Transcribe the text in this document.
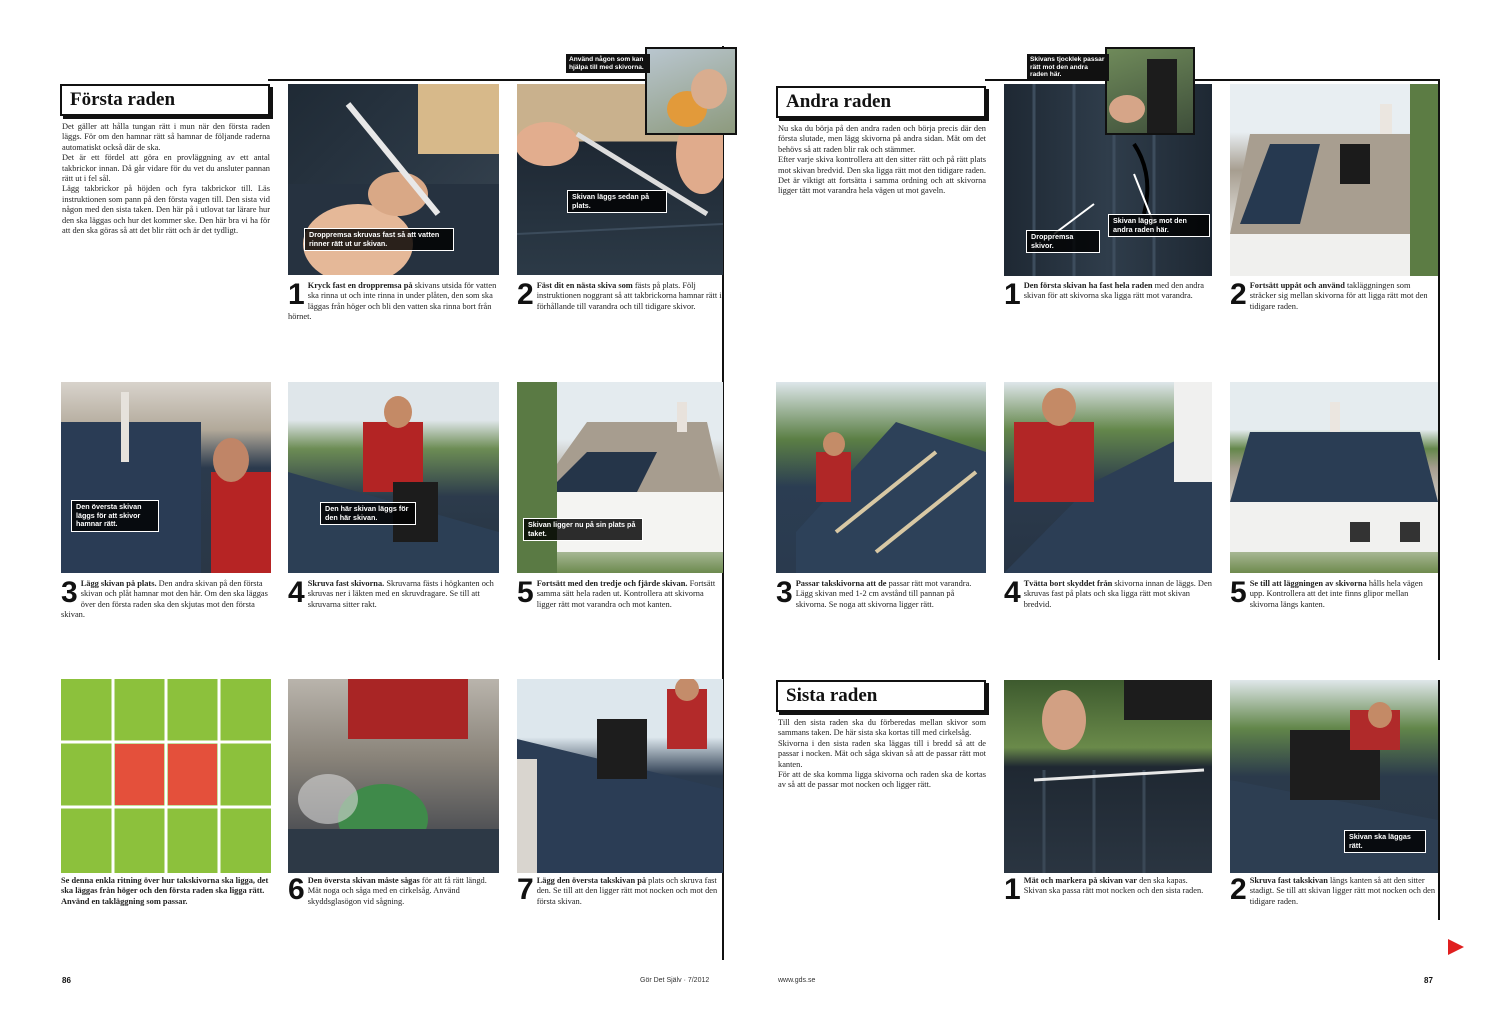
Första raden

Det gäller att hålla tungan rätt i mun när den första raden läggs. För om den hamnar rätt så hamnar de följande raderna automatiskt också där de ska.

Det är ett fördel att göra en provläggning av ett antal takbrickor innan. Då går vidare för du vet du ansluter pannan rätt ut i fel sål.

Lägg takbrickor på höjden och fyra takbrickor till. Läs instruktionen som pann på den första vagen till. Den sista vid någon med den sista taken. Den här på i utlovat tar lärare hur den ska läggas och hur det kommer ske. Den här bra vi ha för att den ska göras så att det blir rätt och är det tydligt.	Droppremsa skruvas fast så att vatten rinner rätt ut ur skivan.
Skivan läggs sedan på plats.
Använd någon som kan hjälpa till med skivorna.
1 Kryck fast en droppremsa på skivans utsida för vatten ska rinna ut och inte rinna in under plåten, den som ska läggas från höger och bli den vatten ska rinna bort från hörnet.
2 Fäst dit en nästa skiva som fästs på plats. Följ instruktionen noggrant så att takbrickorna hamnar rätt i förhållande till varandra och till tidigare skivor.
Den översta skivan läggs för att skivor hamnar rätt.
Den här skivan läggs för den här skivan.
Skivan ligger nu på sin plats på taket.
3 Lägg skivan på plats. Den andra skivan på den första skivan och plåt hamnar mot den här. Om den ska läggas över den första raden ska den skjutas mot den första skivan.
4 Skruva fast skivorna. Skruvarna fästs i högkanten och skruvas ner i läkten med en skruvdragare. Se till att skruvarna sitter rakt.	5 Fortsätt med den tredje och fjärde skivan. Fortsätt samma sätt hela raden ut. Kontrollera att skivorna ligger rätt mot varandra och mot kanten.
Se denna enkla ritning över hur takskivorna ska ligga, det ska läggas från höger och den första raden ska ligga rätt. Använd en takläggning som passar.	6 Den översta skivan måste sågas för att få rätt längd. Mät noga och såga med en cirkelsåg. Använd skyddsglasögon vid sågning.	7 Lägg den översta takskivan på plats och skruva fast den. Se till att den ligger rätt mot nocken och mot den första skivan.
86	Gör Det Själv · 7/2012
Andra raden

Nu ska du börja på den andra raden och börja precis där den första slutade, men lägg skivorna på andra sidan. Mät om det behövs så att raden blir rak och stämmer.

Efter varje skiva kontrollera att den sitter rätt och på rätt plats mot skivan bredvid. Den ska ligga rätt mot den tidigare raden.

Det är viktigt att fortsätta i samma ordning och att skivorna ligger tätt mot varandra hela vägen ut mot gaveln.

Droppremsa skivor.
Skivan läggs mot den andra raden här.
Skivans tjocklek passar rätt mot den andra raden här.
1 Den första skivan ha fast hela raden med den andra skivan för att skivorna ska ligga rätt mot varandra.	2 Fortsätt uppåt och använd takläggningen som sträcker sig mellan skivorna för att ligga rätt mot den tidigare raden.
3 Passar takskivorna att de passar rätt mot varandra. Lägg skivan med 1-2 cm avstånd till pannan på skivorna. Se noga att skivorna ligger rätt.	4 Tvätta bort skyddet från skivorna innan de läggs. Den skruvas fast på plats och ska ligga rätt mot skivan bredvid.	5 Se till att läggningen av skivorna hålls hela vägen upp. Kontrollera att det inte finns glipor mellan skivorna längs kanten.
Sista raden

Till den sista raden ska du förberedas mellan skivor som sammans taken. De här sista ska kortas till med cirkelsåg.

Skivorna i den sista raden ska läggas till i bredd så att de passar i nocken. Mät och såga skivan så att de passar rätt mot kanten.

För att de ska komma ligga skivorna och raden ska de kortas av så att de passar mot nocken och ligger rätt.

Skivan ska läggas rätt.
1 Mät och markera på skivan var den ska kapas. Skivan ska passa rätt mot nocken och den sista raden. 2 Skruva fast takskivan längs kanten så att den sitter stadigt. Se till att skivan ligger rätt mot nocken och den tidigare raden.
www.gds.se	87
